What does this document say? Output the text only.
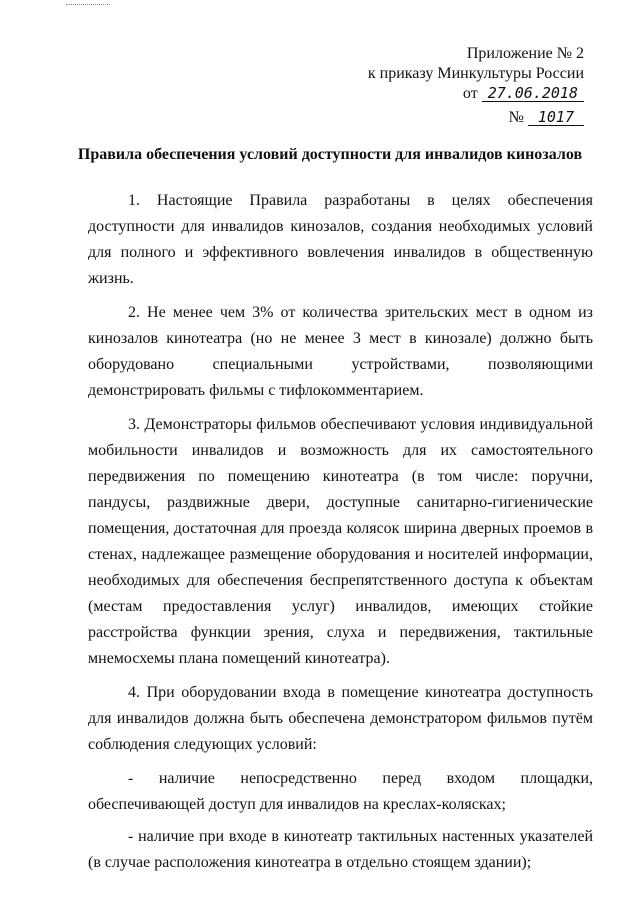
Приложение № 2
к приказу Минкультуры России
от 27.06.2018
№ 1017
Правила обеспечения условий доступности для инвалидов кинозалов

1. Настоящие Правила разработаны в целях обеспечения доступности для инвалидов кинозалов, создания необходимых условий для полного и эффективного вовлечения инвалидов в общественную жизнь.

2. Не менее чем 3% от количества зрительских мест в одном из кинозалов кинотеатра (но не менее 3 мест в кинозале) должно быть оборудовано специальными устройствами, позволяющими демонстрировать фильмы с тифлокомментарием.

3. Демонстраторы фильмов обеспечивают условия индивидуальной мобильности инвалидов и возможность для их самостоятельного передвижения по помещению кинотеатра (в том числе: поручни, пандусы, раздвижные двери, доступные санитарно-гигиенические помещения, достаточная для проезда колясок ширина дверных проемов в стенах, надлежащее размещение оборудования и носителей информации, необходимых для обеспечения беспрепятственного доступа к объектам (местам предоставления услуг) инвалидов, имеющих стойкие расстройства функции зрения, слуха и передвижения, тактильные мнемосхемы плана помещений кинотеатра).

4. При оборудовании входа в помещение кинотеатра доступность для инвалидов должна быть обеспечена демонстратором фильмов путём соблюдения следующих условий:

- наличие непосредственно перед входом площадки, обеспечивающей доступ для инвалидов на креслах-колясках;

- наличие при входе в кинотеатр тактильных настенных указателей (в случае расположения кинотеатра в отдельно стоящем здании);
